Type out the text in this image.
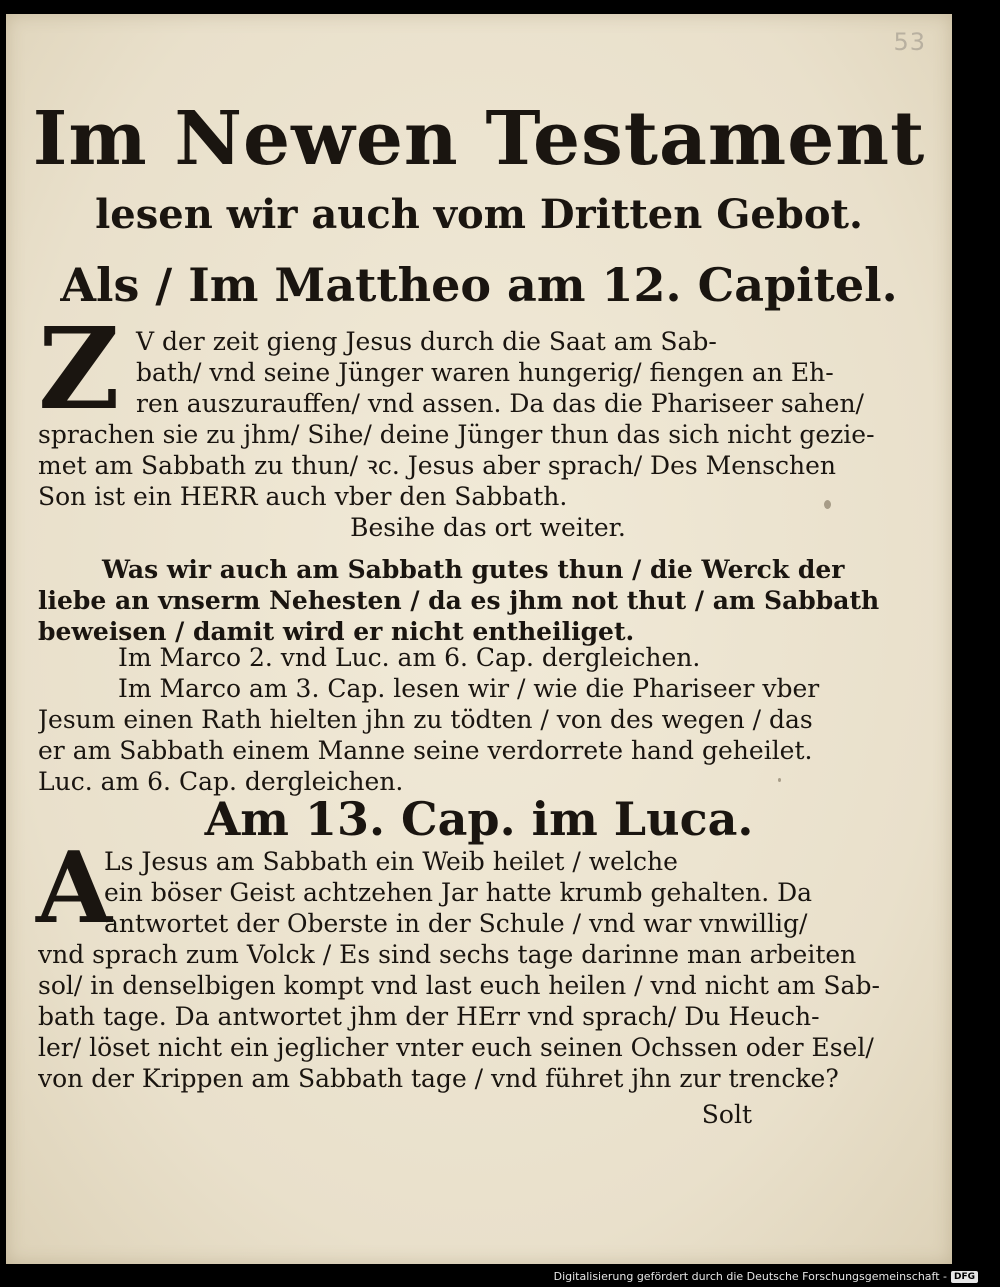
53
Im Newen Testament
lesen wir auch vom Dritten Gebot.
Als / Im Mattheo am 12. Capitel.
Z V der zeit gieng Jesus durch die Saat am Sab-
bath/ vnd seine Jünger waren hungerig/ fiengen an Eh-
ren auszurauffen/ vnd assen. Da das die Phariseer sahen/
sprachen sie zu jhm/ Sihe/ deine Jünger thun das sich nicht gezie-
met am Sabbath zu thun/ ꝛc. Jesus aber sprach/ Des Menschen
Son ist ein HERR auch vber den Sabbath.
Besihe das ort weiter.
Was wir auch am Sabbath gutes thun / die Werck der
liebe an vnserm Nehesten / da es jhm not thut / am Sabbath
beweisen / damit wird er nicht entheiliget.
Im Marco 2. vnd Luc. am 6. Cap. dergleichen.
Im Marco am 3. Cap. lesen wir / wie die Phariseer vber
Jesum einen Rath hielten jhn zu tödten / von des wegen / das
er am Sabbath einem Manne seine verdorrete hand geheilet.
Luc. am 6. Cap. dergleichen.
Am 13. Cap. im Luca.
A
Ls Jesus am Sabbath ein Weib heilet / welche
ein böser Geist achtzehen Jar hatte krumb gehalten. Da
antwortet der Oberste in der Schule / vnd war vnwillig/
vnd sprach zum Volck / Es sind sechs tage darinne man arbeiten
sol/ in denselbigen kompt vnd last euch heilen / vnd nicht am Sab-
bath tage. Da antwortet jhm der HErr vnd sprach/ Du Heuch-
ler/ löset nicht ein jeglicher vnter euch seinen Ochssen oder Esel/
von der Krippen am Sabbath tage / vnd führet jhn zur trencke?
Solt
Digitalisierung gefördert durch die Deutsche Forschungsgemeinschaft - DFG
